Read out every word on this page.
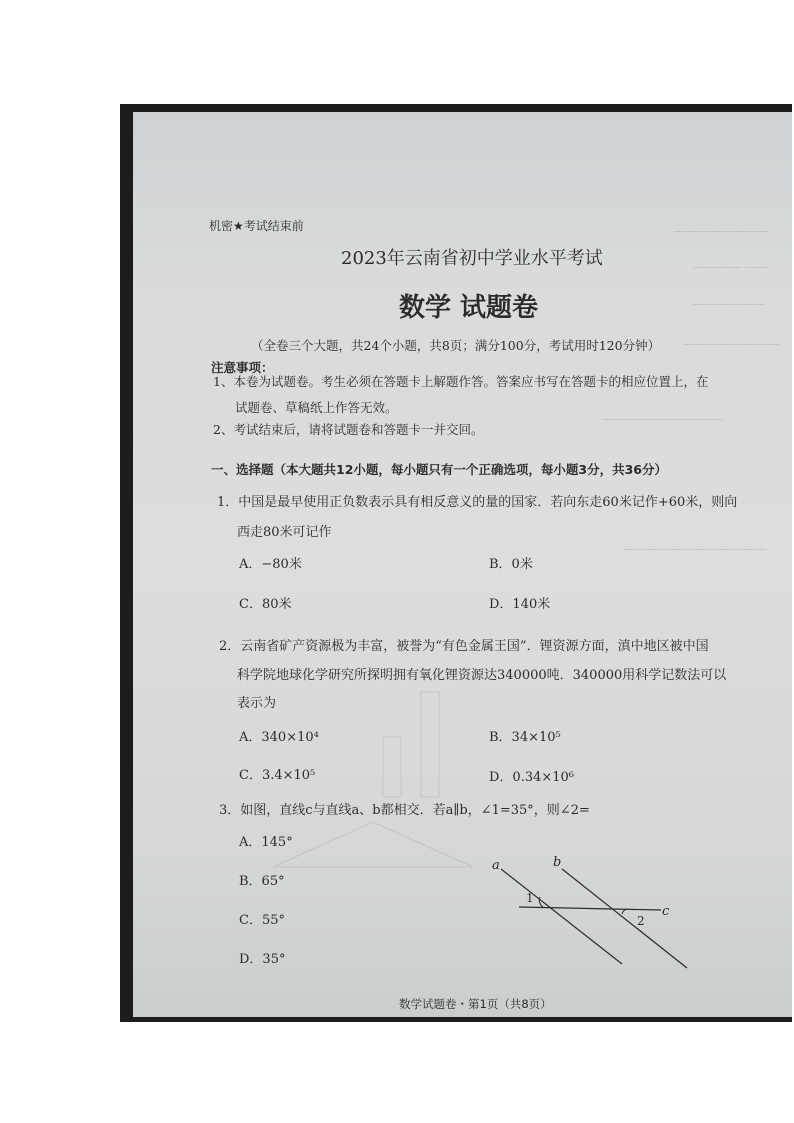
————————
———— ——
——————
————————
——————————
————————————
机密★考试结束前
2023年云南省初中学业水平考试
数学 试题卷
（全卷三个大题，共24个小题，共8页；满分100分，考试用时120分钟）
注意事项：
1、本卷为试题卷。考生必须在答题卡上解题作答。答案应书写在答题卡的相应位置上，在
试题卷、草稿纸上作答无效。
2、考试结束后，请将试题卷和答题卡一并交回。
一、选择题（本大题共12小题，每小题只有一个正确选项，每小题3分，共36分）
1．中国是最早使用正负数表示具有相反意义的量的国家．若向东走60米记作+60米，则向
西走80米可记作
A．−80米	B．0米
C．80米	D．140米
2．云南省矿产资源极为丰富，被誉为“有色金属王国”．锂资源方面，滇中地区被中国
科学院地球化学研究所探明拥有氧化锂资源达340000吨．340000用科学记数法可以
表示为
A．340×10⁴	B．34×10⁵
C．3.4×10⁵	D．0.34×10⁶
3．如图，直线c与直线a、b都相交．若a∥b，∠1=35°，则∠2=
A．145°
B．65°
C．55°
D．35°
a	b
c
1
2
数学试题卷・第1页（共8页）
